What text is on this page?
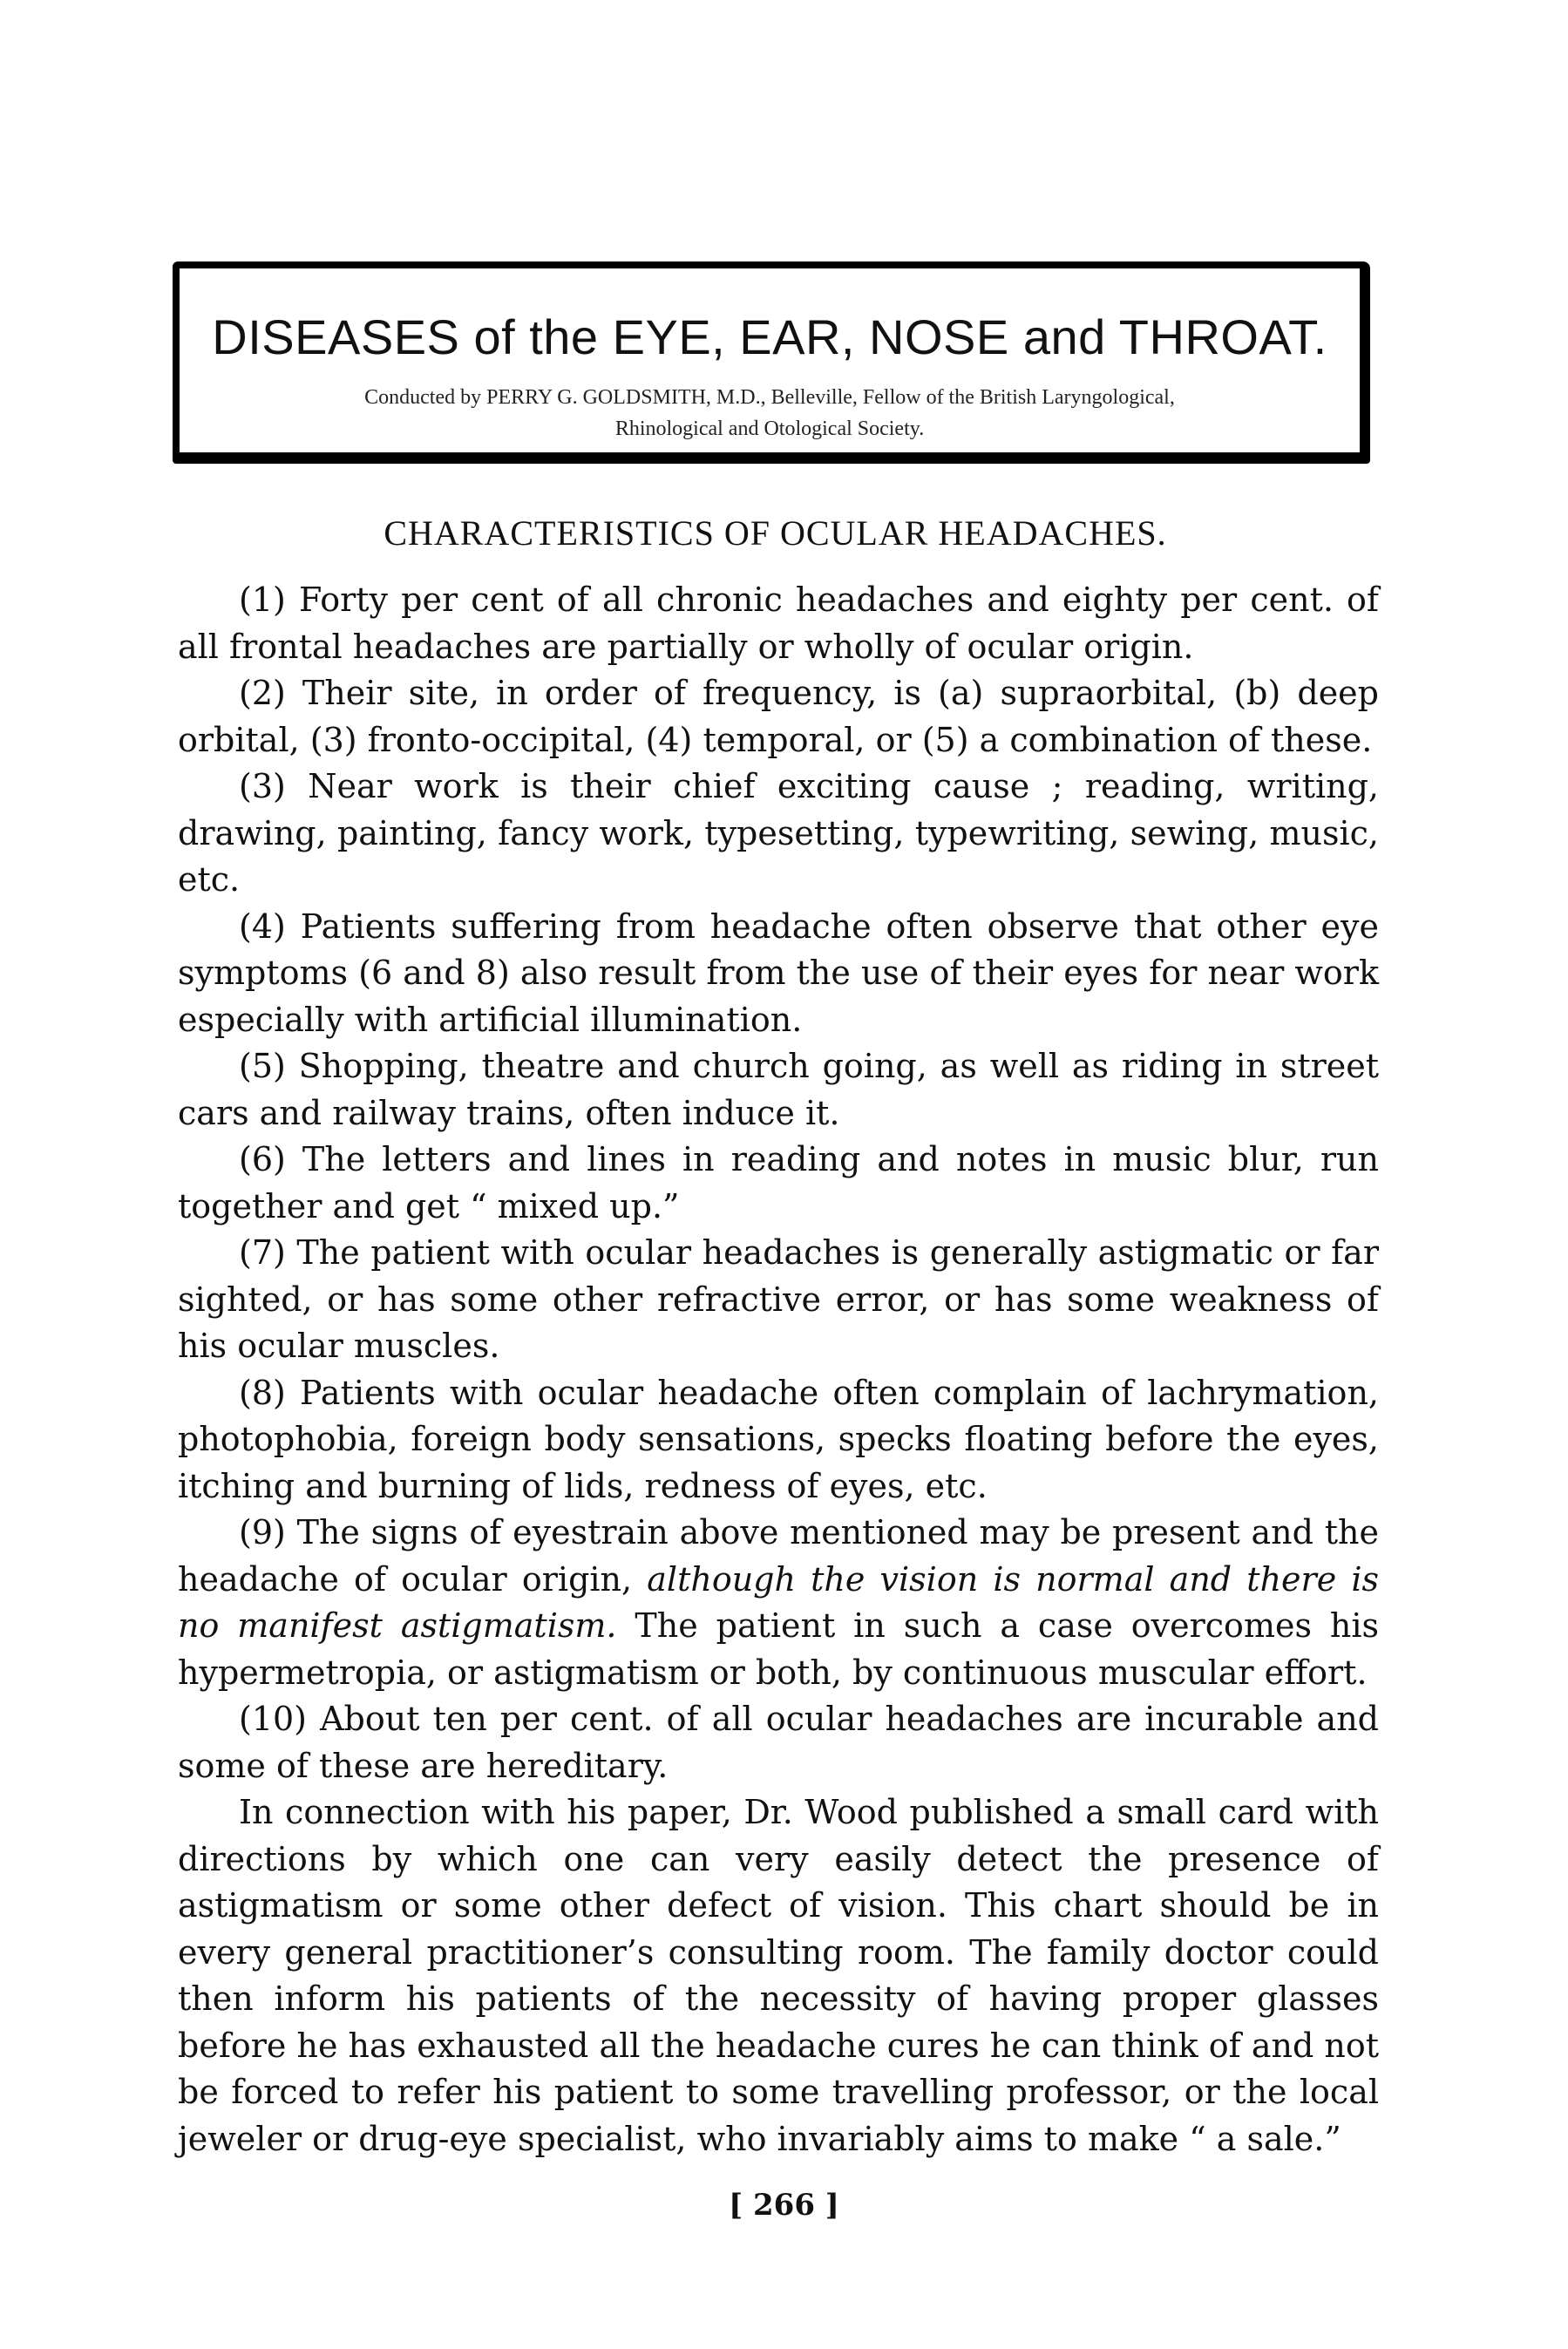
DISEASES of the EYE, EAR, NOSE and THROAT.
Conducted by PERRY G. GOLDSMITH, M.D., Belleville, Fellow of the British Laryngological,
Rhinological and Otological Society.
CHARACTERISTICS OF OCULAR HEADACHES.

(1) Forty per cent of all chronic headaches and eighty per cent. of all frontal headaches are partially or wholly of ocular origin.

(2) Their site, in order of frequency, is (a) supraorbital, (b) deep orbital, (3) fronto-occipital, (4) temporal, or (5) a combination of these.

(3) Near work is their chief exciting cause ; reading, writing, drawing, painting, fancy work, typesetting, typewriting, sewing, music, etc.

(4) Patients suffering from headache often observe that other eye symptoms (6 and 8) also result from the use of their eyes for near work especially with artificial illumination.

(5) Shopping, theatre and church going, as well as riding in street cars and railway trains, often induce it.

(6) The letters and lines in reading and notes in music blur, run together and get “ mixed up.”

(7) The patient with ocular headaches is generally astigmatic or far sighted, or has some other refractive error, or has some weakness of his ocular muscles.

(8) Patients with ocular headache often complain of lachrymation, photophobia, foreign body sensations, specks floating before the eyes, itching and burning of lids, redness of eyes, etc.

(9) The signs of eyestrain above mentioned may be present and the headache of ocular origin, although the vision is normal and there is no manifest astigmatism. The patient in such a case overcomes his hypermetropia, or astigmatism or both, by continuous muscular effort.

(10) About ten per cent. of all ocular headaches are incurable and some of these are hereditary.

In connection with his paper, Dr. Wood published a small card with directions by which one can very easily detect the presence of astigmatism or some other defect of vision. This chart should be in every general practitioner’s consulting room. The family doctor could then inform his patients of the necessity of having proper glasses before he has exhausted all the headache cures he can think of and not be forced to refer his patient to some travelling professor, or the local jeweler or drug-eye specialist, who invariably aims to make “ a sale.”

[ 266 ]
